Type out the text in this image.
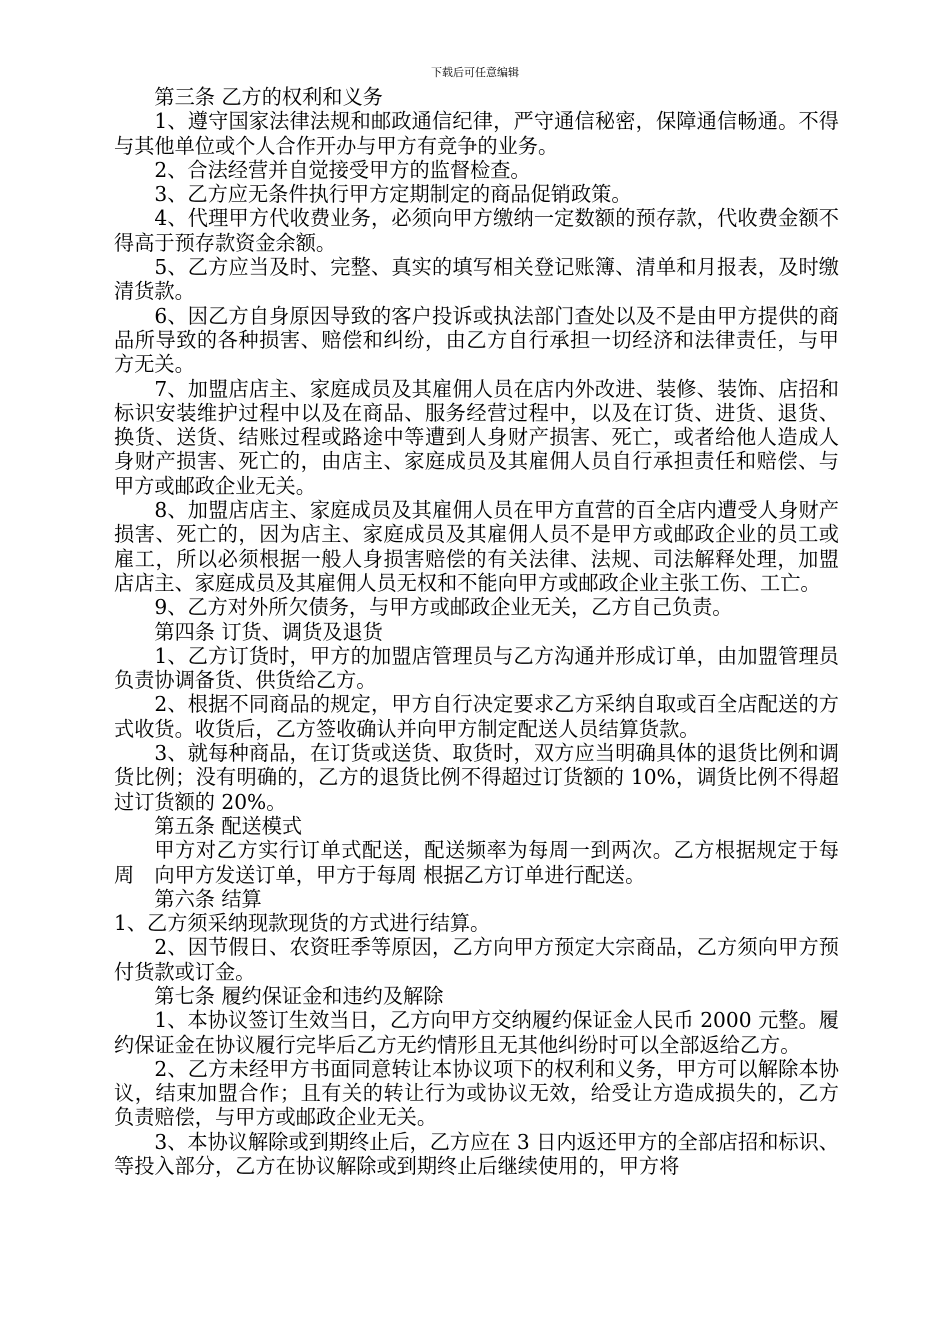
下载后可任意编辑

第三条 乙方的权利和义务

1、遵守国家法律法规和邮政通信纪律，严守通信秘密，保障通信畅通。不得与其他单位或个人合作开办与甲方有竞争的业务。

2、合法经营并自觉接受甲方的监督检查。

3、乙方应无条件执行甲方定期制定的商品促销政策。

4、代理甲方代收费业务，必须向甲方缴纳一定数额的预存款，代收费金额不得高于预存款资金余额。

5、乙方应当及时、完整、真实的填写相关登记账簿、清单和月报表，及时缴清货款。

6、因乙方自身原因导致的客户投诉或执法部门查处以及不是由甲方提供的商品所导致的各种损害、赔偿和纠纷，由乙方自行承担一切经济和法律责任，与甲方无关。

7、加盟店店主、家庭成员及其雇佣人员在店内外改进、装修、装饰、店招和标识安装维护过程中以及在商品、服务经营过程中，以及在订货、进货、退货、换货、送货、结账过程或路途中等遭到人身财产损害、死亡，或者给他人造成人身财产损害、死亡的，由店主、家庭成员及其雇佣人员自行承担责任和赔偿、与甲方或邮政企业无关。

8、加盟店店主、家庭成员及其雇佣人员在甲方直营的百全店内遭受人身财产损害、死亡的，因为店主、家庭成员及其雇佣人员不是甲方或邮政企业的员工或雇工，所以必须根据一般人身损害赔偿的有关法律、法规、司法解释处理，加盟店店主、家庭成员及其雇佣人员无权和不能向甲方或邮政企业主张工伤、工亡。

9、乙方对外所欠债务，与甲方或邮政企业无关，乙方自己负责。

第四条 订货、调货及退货

1、乙方订货时，甲方的加盟店管理员与乙方沟通并形成订单，由加盟管理员负责协调备货、供货给乙方。

2、根据不同商品的规定，甲方自行决定要求乙方采纳自取或百全店配送的方式收货。收货后，乙方签收确认并向甲方制定配送人员结算货款。

3、就每种商品，在订货或送货、取货时，双方应当明确具体的退货比例和调货比例；没有明确的，乙方的退货比例不得超过订货额的 10%，调货比例不得超过订货额的 20%。

第五条 配送模式

甲方对乙方实行订单式配送，配送频率为每周一到两次。乙方根据规定于每周　向甲方发送订单，甲方于每周 根据乙方订单进行配送。

第六条 结算

1、乙方须采纳现款现货的方式进行结算。

2、因节假日、农资旺季等原因，乙方向甲方预定大宗商品，乙方须向甲方预付货款或订金。

第七条 履约保证金和违约及解除

1、本协议签订生效当日，乙方向甲方交纳履约保证金人民币 2000 元整。履约保证金在协议履行完毕后乙方无约情形且无其他纠纷时可以全部返给乙方。

2、乙方未经甲方书面同意转让本协议项下的权利和义务，甲方可以解除本协议，结束加盟合作；且有关的转让行为或协议无效，给受让方造成损失的，乙方负责赔偿，与甲方或邮政企业无关。

3、本协议解除或到期终止后，乙方应在 3 日内返还甲方的全部店招和标识、等投入部分，乙方在协议解除或到期终止后继续使用的，甲方将
